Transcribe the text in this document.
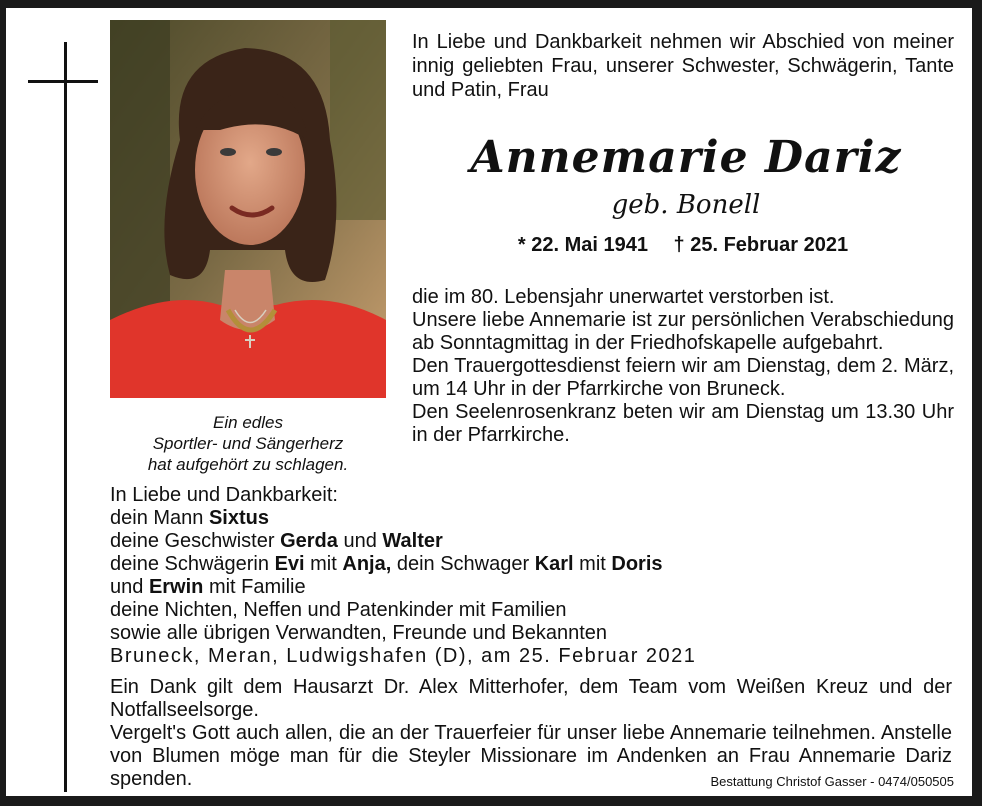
Ein edles
Sportler- und Sängerherz
hat aufgehört zu schlagen.
In Liebe und Dankbarkeit nehmen wir Abschied von meiner innig geliebten Frau, unserer Schwester, Schwägerin, Tante und Patin, Frau
Annemarie Dariz
geb. Bonell
* 22. Mai 1941 † 25. Februar 2021

die im 80. Lebensjahr unerwartet verstorben ist.

Unsere liebe Annemarie ist zur persönlichen Verabschiedung ab Sonntagmittag in der Friedhofskapelle aufgebahrt.

Den Trauergottesdienst feiern wir am Dienstag, dem 2. März, um 14 Uhr in der Pfarrkirche von Bruneck.

Den Seelenrosenkranz beten wir am Dienstag um 13.30 Uhr in der Pfarrkirche.

In Liebe und Dankbarkeit:
dein Mann Sixtus
deine Geschwister Gerda und Walter
deine Schwägerin Evi mit Anja, dein Schwager Karl mit Doris
und Erwin mit Familie
deine Nichten, Neffen und Patenkinder mit Familien
sowie alle übrigen Verwandten, Freunde und Bekannten
Bruneck, Meran, Ludwigshafen (D), am 25. Februar 2021

Ein Dank gilt dem Hausarzt Dr. Alex Mitterhofer, dem Team vom Weißen Kreuz und der Notfallseelsorge.

Vergelt's Gott auch allen, die an der Trauerfeier für unser liebe Annemarie teilnehmen. Anstelle von Blumen möge man für die Steyler Missionare im Andenken an Frau Annemarie Dariz spenden.	Bestattung Christof Gasser - 0474/050505
